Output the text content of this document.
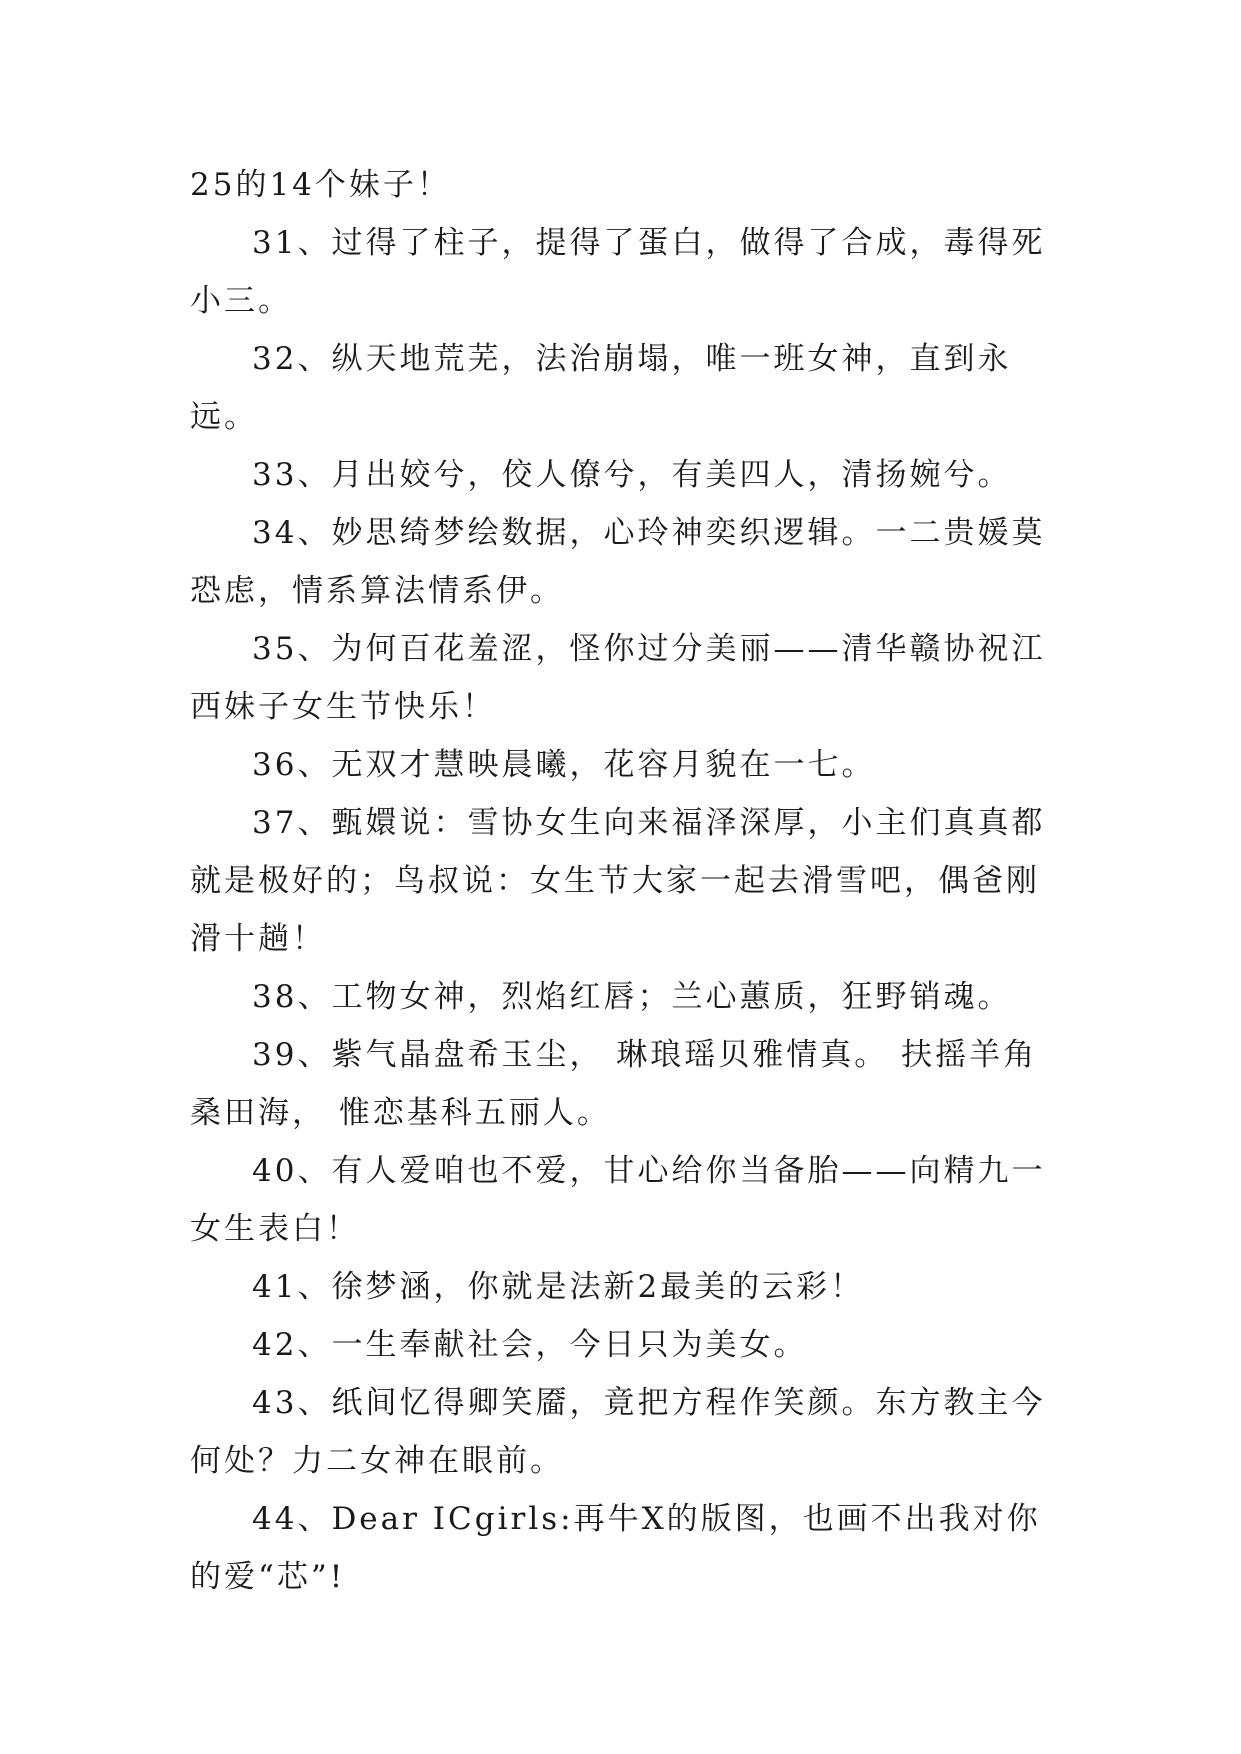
25的14个妹子！

31、过得了柱子，提得了蛋白，做得了合成，毒得死小三。

32、纵天地荒芜，法治崩塌，唯一班女神，直到永远。

33、月出姣兮，佼人僚兮，有美四人，清扬婉兮。

34、妙思绮梦绘数据，心玲神奕织逻辑。一二贵媛莫恐虑，情系算法情系伊。

35、为何百花羞涩，怪你过分美丽——清华赣协祝江西妹子女生节快乐！

36、无双才慧映晨曦，花容月貌在一七。

37、甄嬛说：雪协女生向来福泽深厚，小主们真真都就是极好的；鸟叔说：女生节大家一起去滑雪吧，偶爸刚滑十趟！

38、工物女神，烈焰红唇；兰心蕙质，狂野销魂。

39、紫气晶盘希玉尘， 琳琅瑶贝雅情真。 扶摇羊角桑田海， 惟恋基科五丽人。

40、有人爱咱也不爱，甘心给你当备胎——向精九一女生表白！

41、徐梦涵，你就是法新2最美的云彩！

42、一生奉献社会，今日只为美女。

43、纸间忆得卿笑靥，竟把方程作笑颜。东方教主今何处？力二女神在眼前。

44、Dear ICgirls:再牛X的版图，也画不出我对你的爱“芯”!
